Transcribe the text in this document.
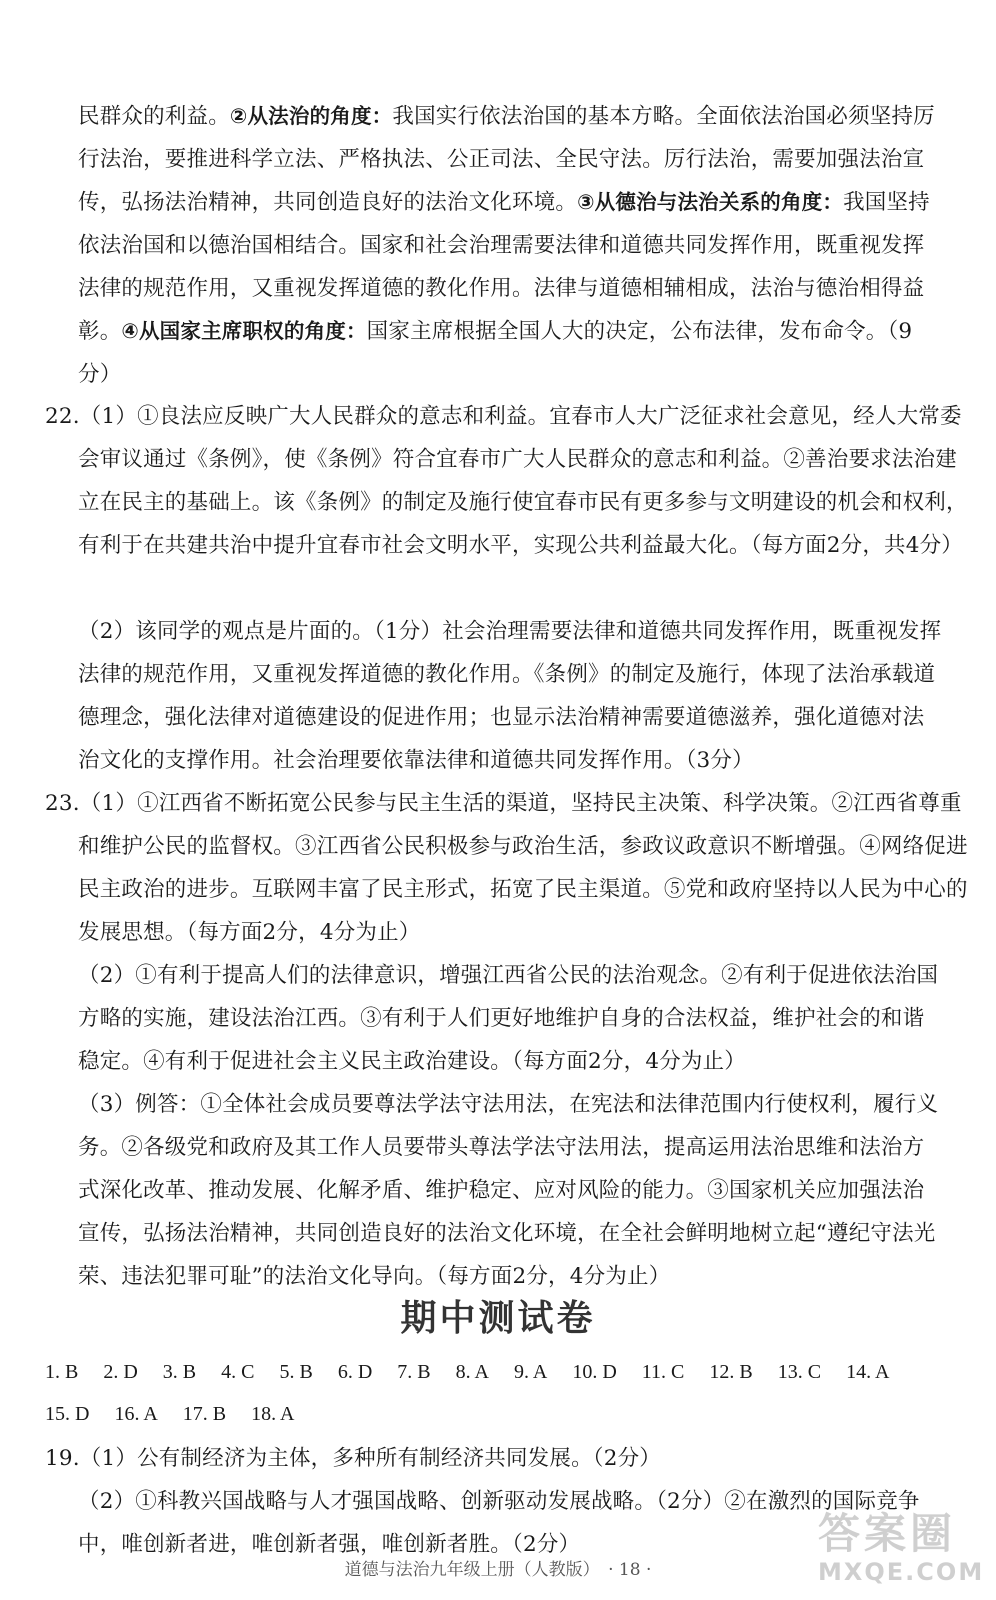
民群众的利益。②从法治的角度：我国实行依法治国的基本方略。全面依法治国必须坚持厉行法治，要推进科学立法、严格执法、公正司法、全民守法。厉行法治，需要加强法治宣传，弘扬法治精神，共同创造良好的法治文化环境。③从德治与法治关系的角度：我国坚持依法治国和以德治国相结合。国家和社会治理需要法律和道德共同发挥作用，既重视发挥法律的规范作用，又重视发挥道德的教化作用。法律与道德相辅相成，法治与德治相得益彰。④从国家主席职权的角度：国家主席根据全国人大的决定，公布法律，发布命令。（9分）

22.（1）①良法应反映广大人民群众的意志和利益。宜春市人大广泛征求社会意见，经人大常委会审议通过《条例》，使《条例》符合宜春市广大人民群众的意志和利益。②善治要求法治建立在民主的基础上。该《条例》的制定及施行使宜春市民有更多参与文明建设的机会和权利，有利于在共建共治中提升宜春市社会文明水平，实现公共利益最大化。（每方面2分，共4分）

（2）该同学的观点是片面的。（1分）社会治理需要法律和道德共同发挥作用，既重视发挥法律的规范作用，又重视发挥道德的教化作用。《条例》的制定及施行，体现了法治承载道德理念，强化法律对道德建设的促进作用；也显示法治精神需要道德滋养，强化道德对法治文化的支撑作用。社会治理要依靠法律和道德共同发挥作用。（3分）

23.（1）①江西省不断拓宽公民参与民主生活的渠道，坚持民主决策、科学决策。②江西省尊重和维护公民的监督权。③江西省公民积极参与政治生活，参政议政意识不断增强。④网络促进民主政治的进步。互联网丰富了民主形式，拓宽了民主渠道。⑤党和政府坚持以人民为中心的发展思想。（每方面2分，4分为止）

（2）①有利于提高人们的法律意识，增强江西省公民的法治观念。②有利于促进依法治国方略的实施，建设法治江西。③有利于人们更好地维护自身的合法权益，维护社会的和谐稳定。④有利于促进社会主义民主政治建设。（每方面2分，4分为止）

（3）例答：①全体社会成员要尊法学法守法用法，在宪法和法律范围内行使权利，履行义务。②各级党和政府及其工作人员要带头尊法学法守法用法，提高运用法治思维和法治方式深化改革、推动发展、化解矛盾、维护稳定、应对风险的能力。③国家机关应加强法治宣传，弘扬法治精神，共同创造良好的法治文化环境，在全社会鲜明地树立起“遵纪守法光荣、违法犯罪可耻”的法治文化导向。（每方面2分，4分为止）

期中测试卷
1. B 2. D 3. B 4. C 5. B 6. D 7. B 8. A 9. A 10. D 11. C 12. B 13. C 14. A
15. D 16. A 17. B 18. A

19.（1）公有制经济为主体，多种所有制经济共同发展。（2分）

（2）①科教兴国战略与人才强国战略、创新驱动发展战略。（2分）②在激烈的国际竞争中，唯创新者进，唯创新者强，唯创新者胜。（2分）	答案圈
MXQE.COM
道德与法治九年级上册（人教版）　· 18 ·
